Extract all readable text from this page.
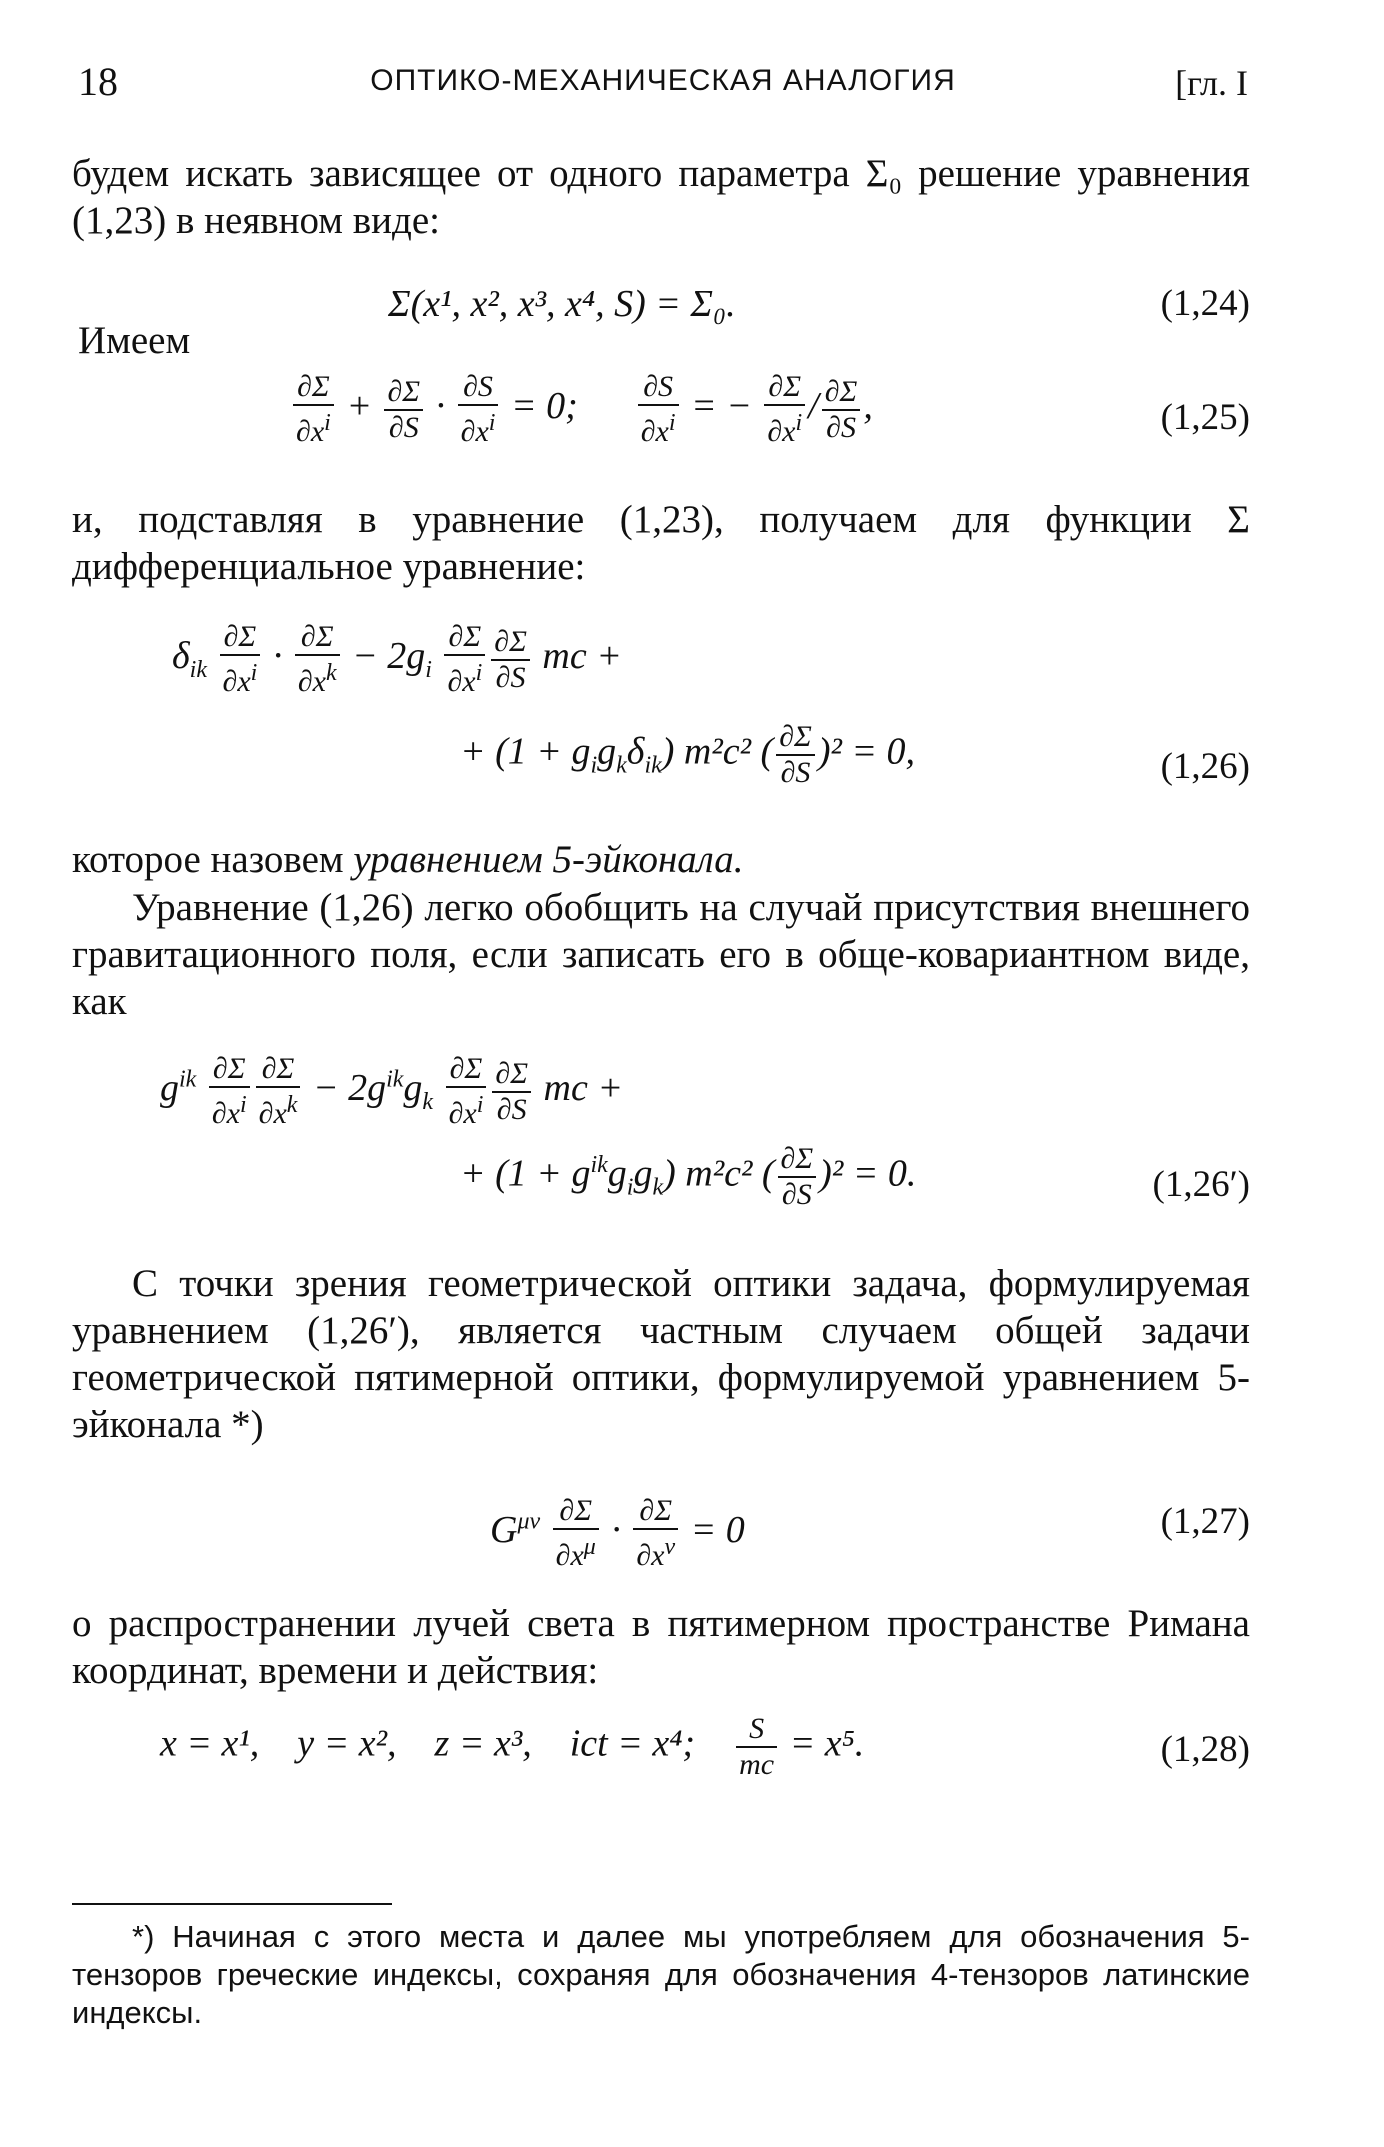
18	ОПТИКО-МЕХАНИЧЕСКАЯ АНАЛОГИЯ	[гл. I
будем искать зависящее от одного параметра Σ₀ решение уравнения (1,23) в неявном виде:
Σ(x¹, x², x³, x⁴, S) = Σ₀.	(1,24)
Имеем
$\frac{\partial\Sigma}{\partial x^i} + \frac{\partial\Sigma}{\partial S} \cdot \frac{\partial S}{\partial x^i} = 0$; $\frac{\partial S}{\partial x^i}$ = − $\frac{\partial\Sigma}{\partial x^i} / \frac{\partial\Sigma}{\partial S}$ ,	(1,25)
и, подставляя в уравнение (1,23), получаем для функции Σ дифференциальное уравнение:
$\delta_{ik} \frac{\partial\Sigma}{\partial x^i} \cdot \frac{\partial\Sigma}{\partial x^k} - 2g_i \frac{\partial\Sigma}{\partial x^i} \frac{\partial\Sigma}{\partial S}$ mc +
+ $(1 + g_ig_k\delta_{ik})$ m²c² ( $\frac{\partial\Sigma}{\partial S} )^2 = 0$,	(1,26)
которое назовем уравнением 5-эйконала.
Уравнение (1,26) легко обобщить на случай присутствия внешнего гравитационного поля, если записать его в обще-ковариантном виде, как
$g^{ik} \frac{\partial\Sigma}{\partial x^i} \frac{\partial\Sigma}{\partial x^k} - 2g^{ik}g_k \frac{\partial\Sigma}{\partial x^i} \frac{\partial\Sigma}{\partial S}$ mc +
+ $(1 + g^{ik}g_ig_k)$ m²c² ( $\frac{\partial\Sigma}{\partial S} )^2 = 0$.	(1,26′)
С точки зрения геометрической оптики задача, формулируемая уравнением (1,26′), является частным случаем общей задачи геометрической пятимерной оптики, формулируемой уравнением 5-эйконала *)
$G^{\mu\nu} \frac{\partial\Sigma}{\partial x^\mu} \cdot \frac{\partial\Sigma}{\partial x^\nu} = 0$	(1,27)
о распространении лучей света в пятимерном пространстве Римана координат, времени и действия:
x = x¹,    y = x²,    z = x³,    ict = x⁴; $\frac{S}{mc} = x^5$.	(1,28)
*) Начиная с этого места и далее мы употребляем для обозначения 5-тензоров греческие индексы, сохраняя для обозначения 4-тензоров латинские индексы.
